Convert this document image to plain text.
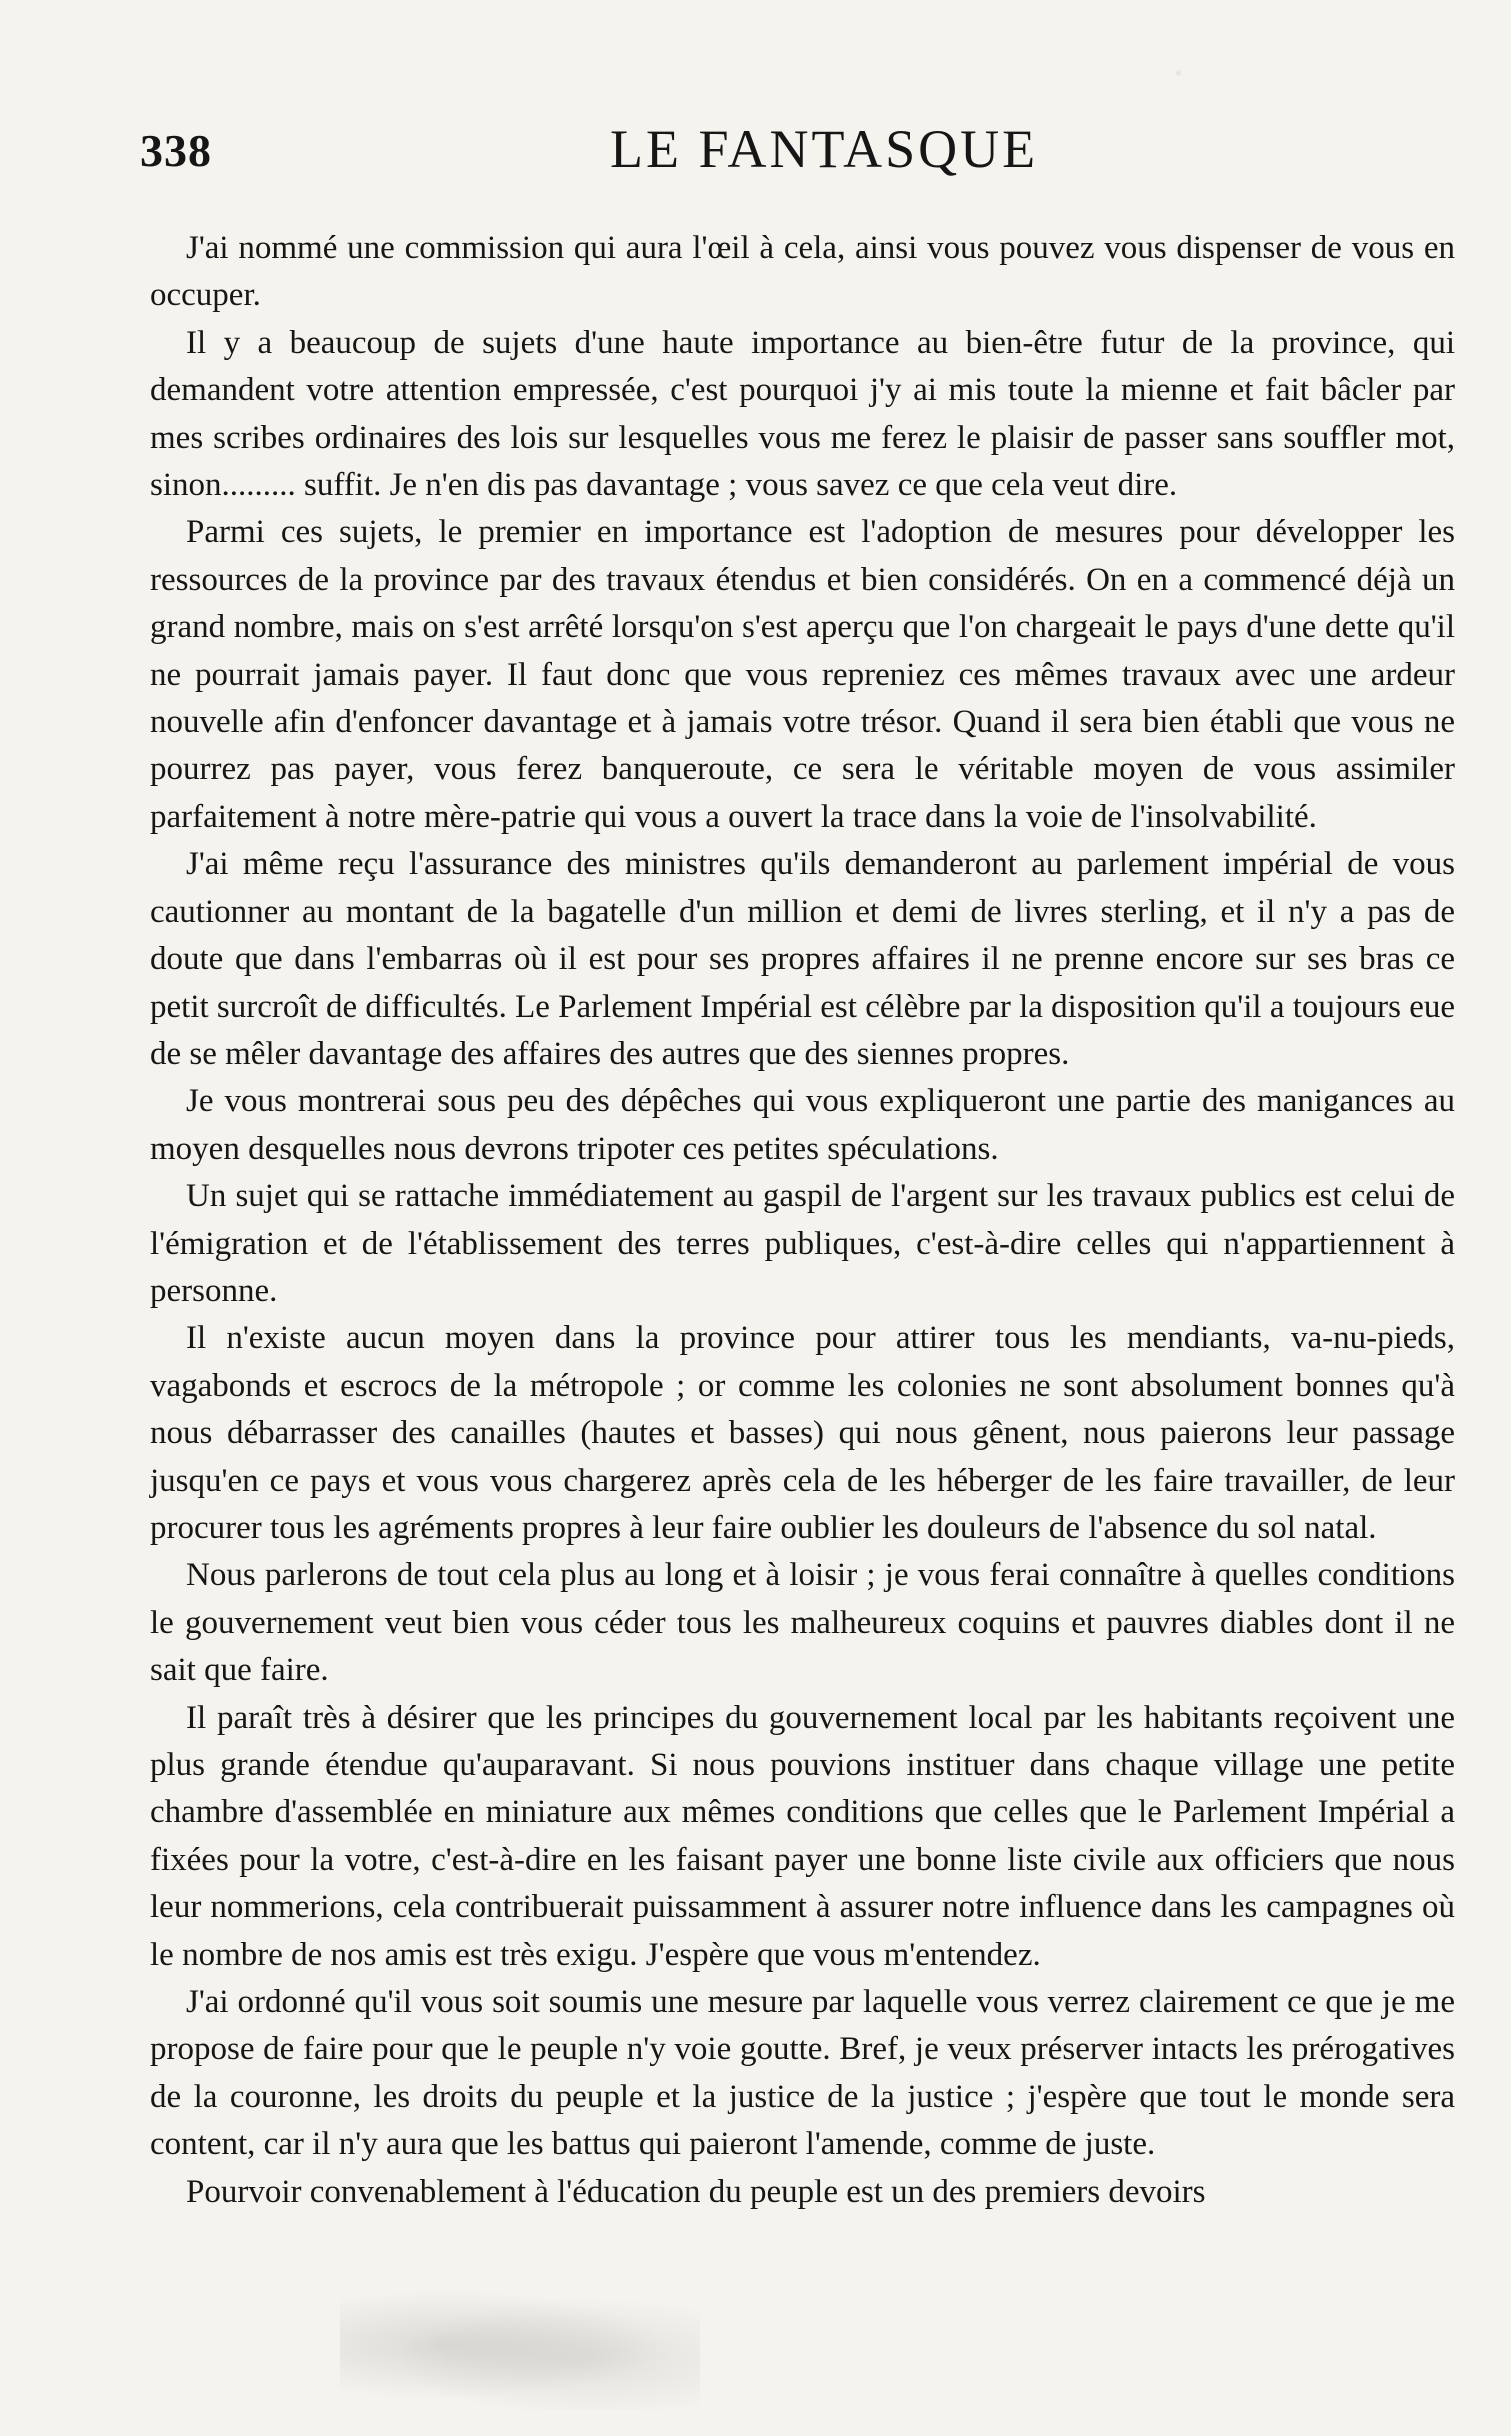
338	LE FANTASQUE

J'ai nommé une commission qui aura l'œil à cela, ainsi vous pouvez vous dispenser de vous en occuper.

Il y a beaucoup de sujets d'une haute importance au bien-être futur de la province, qui demandent votre attention empressée, c'est pourquoi j'y ai mis toute la mienne et fait bâcler par mes scribes ordinaires des lois sur lesquelles vous me ferez le plaisir de passer sans souffler mot, sinon......... suffit. Je n'en dis pas davantage ; vous savez ce que cela veut dire.

Parmi ces sujets, le premier en importance est l'adoption de mesures pour développer les ressources de la province par des travaux étendus et bien considérés. On en a commencé déjà un grand nombre, mais on s'est arrêté lorsqu'on s'est aperçu que l'on chargeait le pays d'une dette qu'il ne pourrait jamais payer. Il faut donc que vous repreniez ces mêmes travaux avec une ardeur nouvelle afin d'enfoncer davantage et à jamais votre trésor. Quand il sera bien établi que vous ne pourrez pas payer, vous ferez banqueroute, ce sera le véritable moyen de vous assimiler parfaitement à notre mère-patrie qui vous a ouvert la trace dans la voie de l'insolvabilité.

J'ai même reçu l'assurance des ministres qu'ils demanderont au parlement impérial de vous cautionner au montant de la bagatelle d'un million et demi de livres sterling, et il n'y a pas de doute que dans l'embarras où il est pour ses propres affaires il ne prenne encore sur ses bras ce petit surcroît de difficultés. Le Parlement Impérial est célèbre par la disposition qu'il a toujours eue de se mêler davantage des affaires des autres que des siennes propres.

Je vous montrerai sous peu des dépêches qui vous expliqueront une partie des manigances au moyen desquelles nous devrons tripoter ces petites spéculations.

Un sujet qui se rattache immédiatement au gaspil de l'argent sur les travaux publics est celui de l'émigration et de l'établissement des terres publiques, c'est-à-dire celles qui n'appartiennent à personne.

Il n'existe aucun moyen dans la province pour attirer tous les mendiants, va-nu-pieds, vagabonds et escrocs de la métropole ; or comme les colonies ne sont absolument bonnes qu'à nous débarrasser des canailles (hautes et basses) qui nous gênent, nous paierons leur passage jusqu'en ce pays et vous vous chargerez après cela de les héberger de les faire travailler, de leur procurer tous les agréments propres à leur faire oublier les douleurs de l'absence du sol natal.

Nous parlerons de tout cela plus au long et à loisir ; je vous ferai connaître à quelles conditions le gouvernement veut bien vous céder tous les malheureux coquins et pauvres diables dont il ne sait que faire.

Il paraît très à désirer que les principes du gouvernement local par les habitants reçoivent une plus grande étendue qu'auparavant. Si nous pouvions instituer dans chaque village une petite chambre d'assemblée en miniature aux mêmes conditions que celles que le Parlement Impérial a fixées pour la votre, c'est-à-dire en les faisant payer une bonne liste civile aux officiers que nous leur nommerions, cela contribuerait puissamment à assurer notre influence dans les campagnes où le nombre de nos amis est très exigu. J'espère que vous m'entendez.

J'ai ordonné qu'il vous soit soumis une mesure par laquelle vous verrez clairement ce que je me propose de faire pour que le peuple n'y voie goutte. Bref, je veux préserver intacts les prérogatives de la couronne, les droits du peuple et la justice de la justice ; j'espère que tout le monde sera content, car il n'y aura que les battus qui paieront l'amende, comme de juste.

Pourvoir convenablement à l'éducation du peuple est un des premiers devoirs
